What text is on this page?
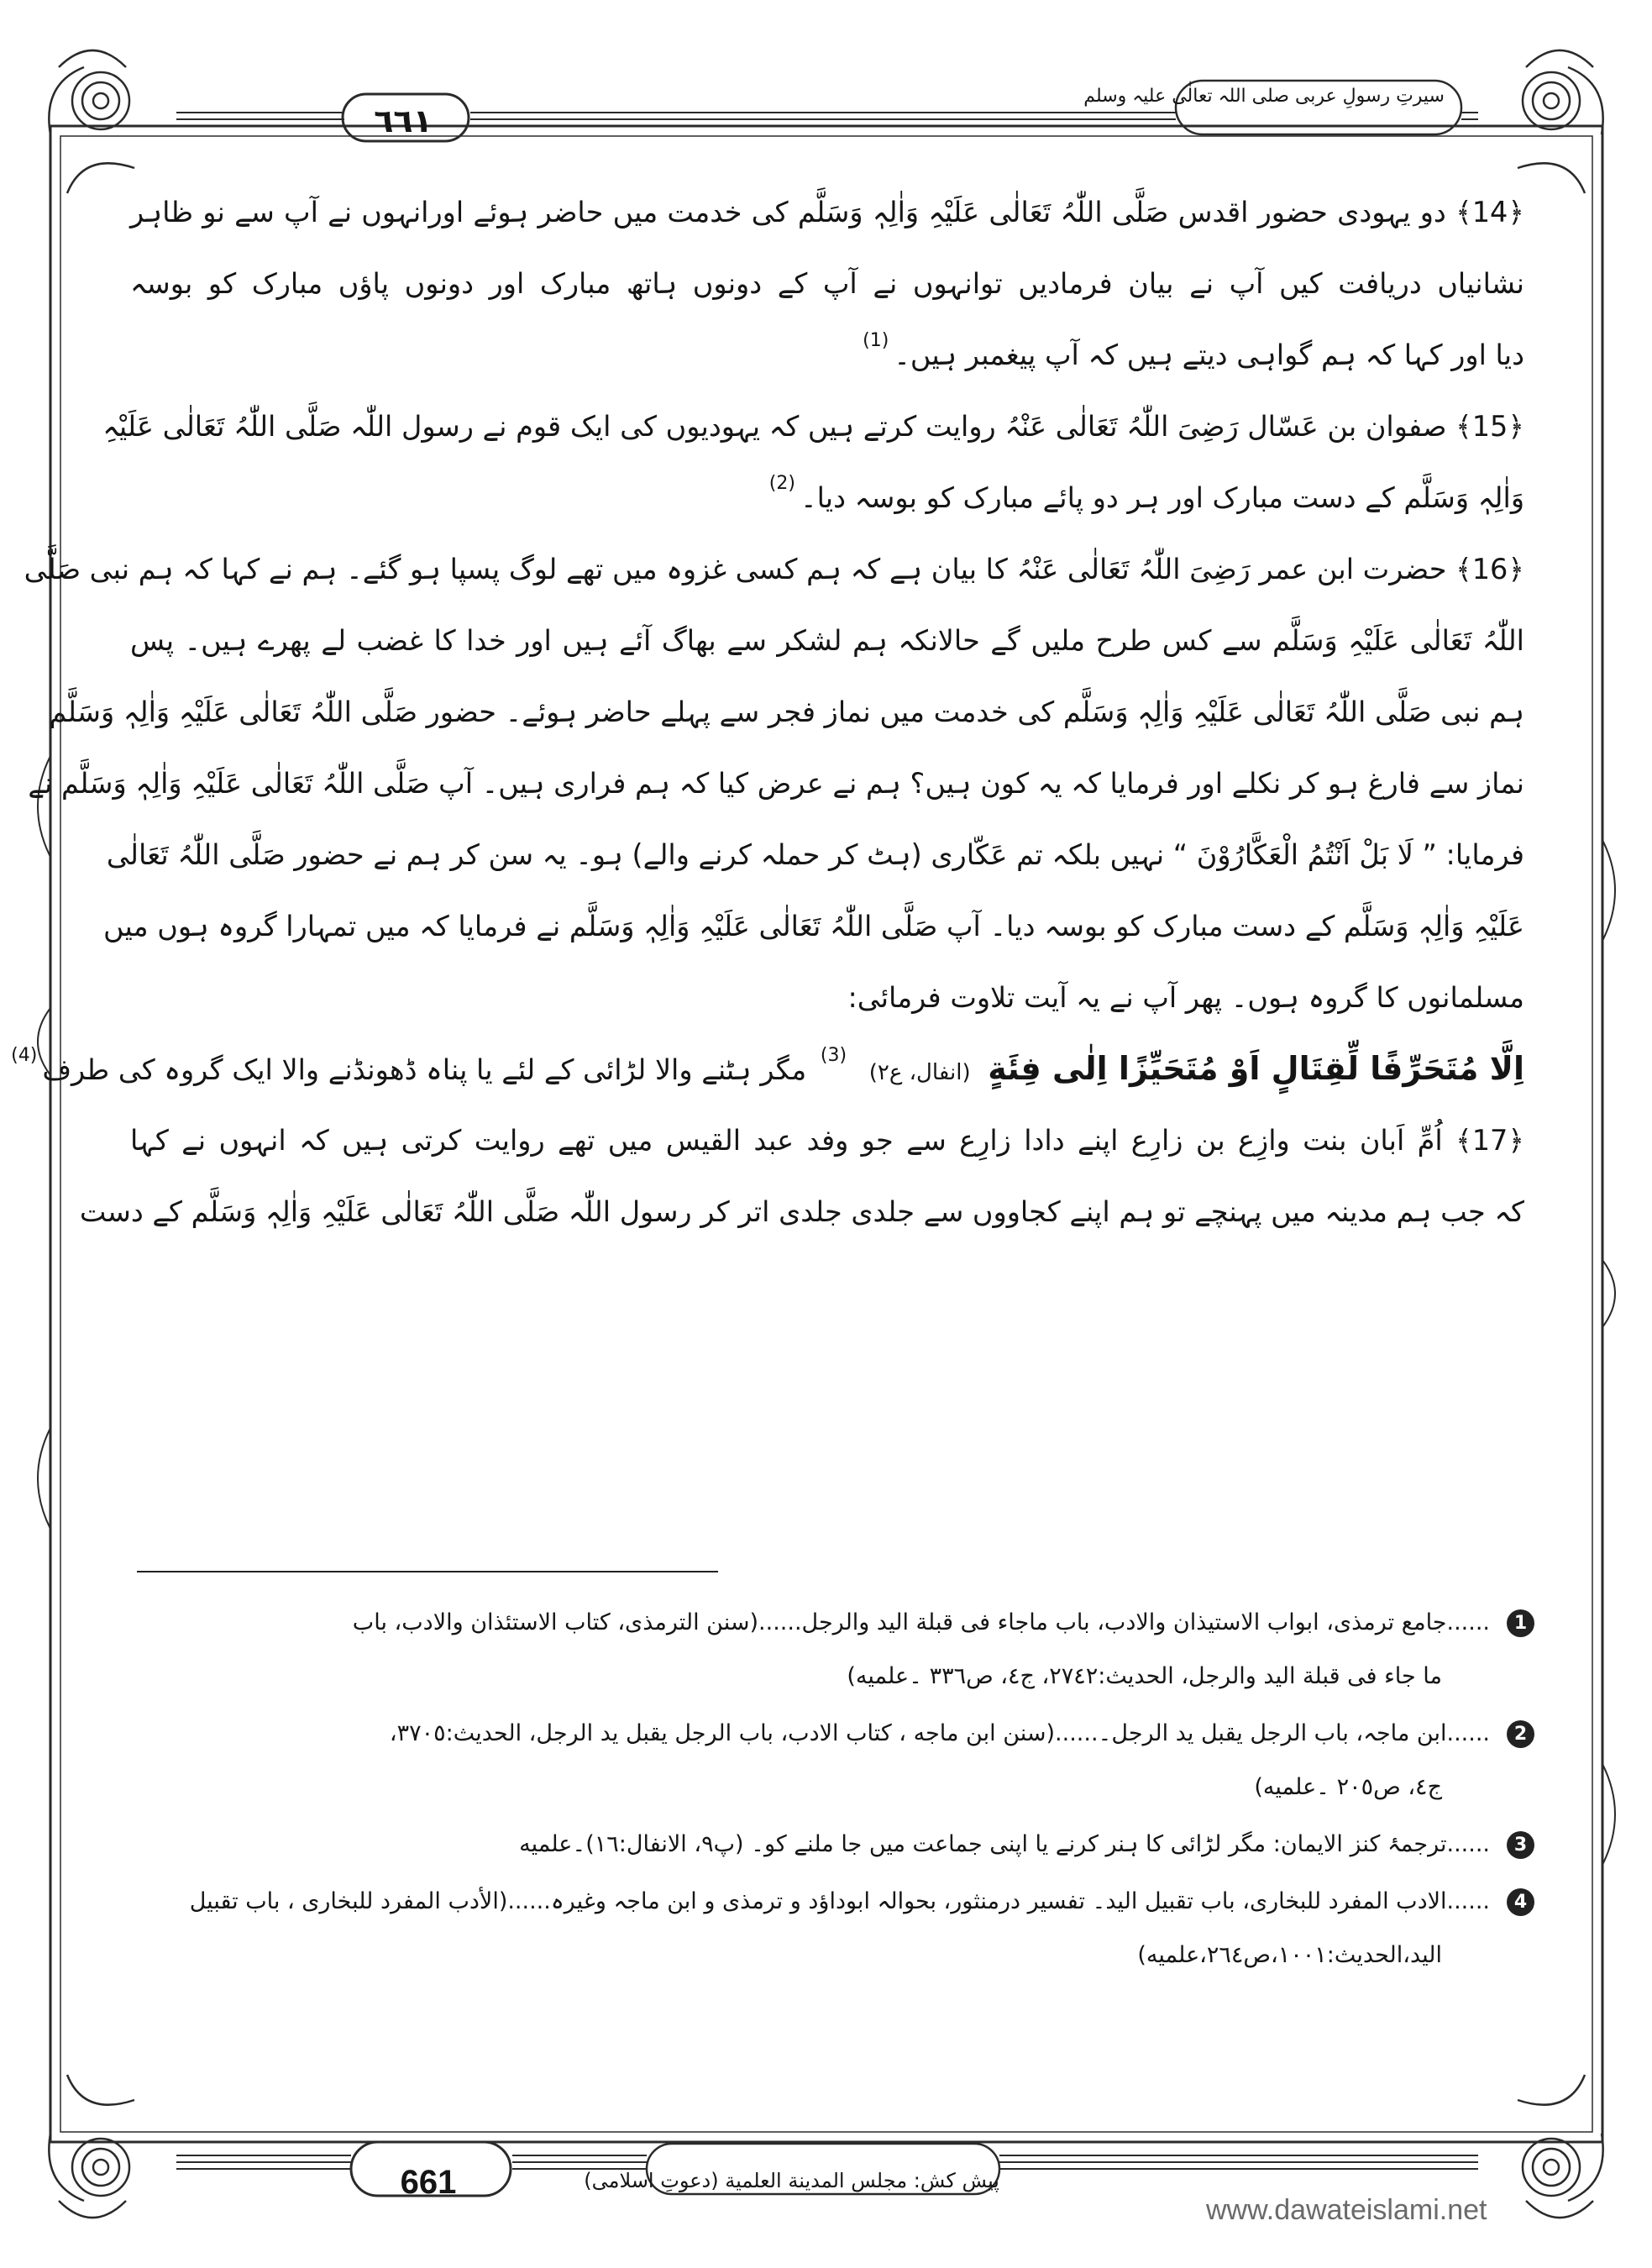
سیرتِ رسولِ عربی صلی اللہ تعالٰی علیہ وسلم
٦٦١
﴿14﴾ دو یہودی حضور اقدس صَلَّی اللّٰہُ تَعَالٰی عَلَیْہِ وَاٰلِہٖ وَسَلَّم کی خدمت میں حاضر ہوئے اورانہوں نے آپ سے نو ظاہر
نشانیاں دریافت کیں آپ نے بیان فرمادیں توانہوں نے آپ کے دونوں ہاتھ مبارک اور دونوں پاؤں مبارک کو بوسہ
دیا اور کہا کہ ہم گواہی دیتے ہیں کہ آپ پیغمبر ہیں۔$^{(1)}$
﴿15﴾ صفوان بن عَسّال رَضِیَ اللّٰہُ تَعَالٰی عَنْہُ روایت کرتے ہیں کہ یہودیوں کی ایک قوم نے رسول اللّٰہ صَلَّی اللّٰہُ تَعَالٰی عَلَیْہِ
وَاٰلِہٖ وَسَلَّم کے دست مبارک اور ہر دو پائے مبارک کو بوسہ دیا۔$^{(2)}$
﴿16﴾ حضرت ابن عمر رَضِیَ اللّٰہُ تَعَالٰی عَنْہُ کا بیان ہے کہ ہم کسی غزوہ میں تھے لوگ پسپا ہو گئے۔ ہم نے کہا کہ ہم نبی صَلَّی
اللّٰہُ تَعَالٰی عَلَیْہِ وَسَلَّم سے کس طرح ملیں گے حالانکہ ہم لشکر سے بھاگ آئے ہیں اور خدا کا غضب لے پھرے ہیں۔ پس
ہم نبی صَلَّی اللّٰہُ تَعَالٰی عَلَیْہِ وَاٰلِہٖ وَسَلَّم کی خدمت میں نماز فجر سے پہلے حاضر ہوئے۔ حضور صَلَّی اللّٰہُ تَعَالٰی عَلَیْہِ وَاٰلِہٖ وَسَلَّم
نماز سے فارغ ہو کر نکلے اور فرمایا کہ یہ کون ہیں؟ ہم نے عرض کیا کہ ہم فراری ہیں۔ آپ صَلَّی اللّٰہُ تَعَالٰی عَلَیْہِ وَاٰلِہٖ وَسَلَّم نے
فرمایا: ” لَا بَلْ اَنْتُمُ الْعَکَّارُوْنَ “ نہیں بلکہ تم عَکّاری (ہٹ کر حملہ کرنے والے) ہو۔ یہ سن کر ہم نے حضور صَلَّی اللّٰہُ تَعَالٰی
عَلَیْہِ وَاٰلِہٖ وَسَلَّم کے دست مبارک کو بوسہ دیا۔ آپ صَلَّی اللّٰہُ تَعَالٰی عَلَیْہِ وَاٰلِہٖ وَسَلَّم نے فرمایا کہ میں تمہارا گروہ ہوں میں
مسلمانوں کا گروہ ہوں۔ پھر آپ نے یہ آیت تلاوت فرمائی:
اِلَّا مُتَحَرِّفًا لِّقِتَالٍ اَوْ مُتَحَیِّزًا اِلٰی فِئَةٍ (انفال، ع۲) $^{(3)}$ مگر ہٹنے والا لڑائی کے لئے یا پناہ ڈھونڈنے والا ایک گروہ کی طرف$^{(4)}$
﴿17﴾ اُمِّ اَبان بنت وازِع بن زارِع اپنے دادا زارِع سے جو وفد عبد القیس میں تھے روایت کرتی ہیں کہ انہوں نے کہا
کہ جب ہم مدینہ میں پہنچے تو ہم اپنے کجاووں سے جلدی جلدی اتر کر رسول اللّٰہ صَلَّی اللّٰہُ تَعَالٰی عَلَیْہِ وَاٰلِہٖ وَسَلَّم کے دست
1......جامع ترمذی، ابواب الاستیذان والادب، باب ماجاء فی قبلة الید والرجل......(سنن الترمذی، کتاب الاستئذان والادب، باب
ما جاء فی قبلة الید والرجل، الحدیث:٢٧٤٢، ج٤، ص٣٣٦ ۔علمیه)
2......ابن ماجہ، باب الرجل یقبل ید الرجل۔......(سنن ابن ماجه ، کتاب الادب، باب الرجل یقبل ید الرجل، الحدیث:٣٧٠٥،
ج٤، ص٢٠٥ ۔علمیه)
3......ترجمۂ کنز الایمان: مگر لڑائی کا ہنر کرنے یا اپنی جماعت میں جا ملنے کو۔ (پ۹، الانفال:١٦)۔علمیه
4......الادب المفرد للبخاری، باب تقبیل الید۔ تفسیر درمنثور، بحوالہ ابوداؤد و ترمذی و ابن ماجہ وغیرہ......(الأدب المفرد للبخاری ، باب تقبیل
الید،الحدیث:١٠٠١،ص٢٦٤،علمیه)
661	پیش کش: مجلس المدینة العلمیة (دعوتِ اسلامی)
www.dawateislami.net
